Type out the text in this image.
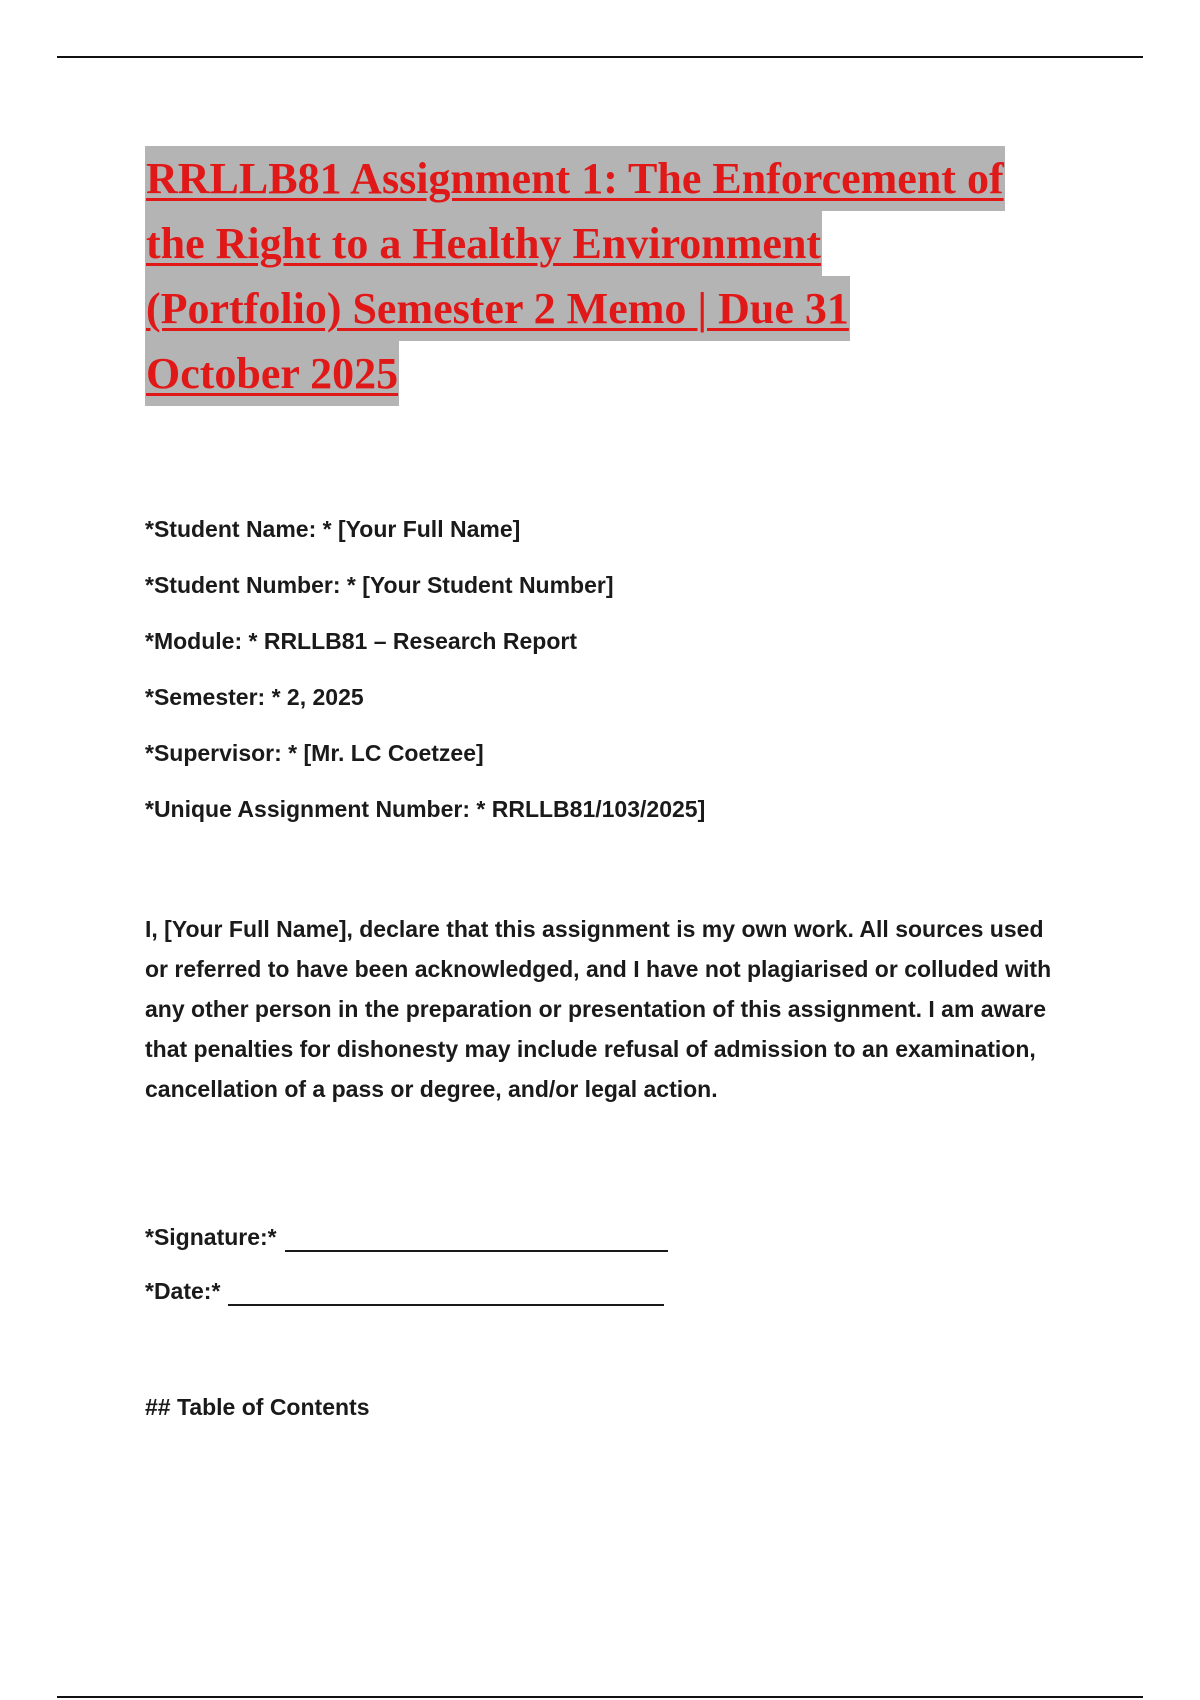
RRLLB81 Assignment 1: The Enforcement of
the Right to a Healthy Environment
(Portfolio) Semester 2 Memo | Due 31
October 2025
*Student Name: * [Your Full Name]
*Student Number: * [Your Student Number]
*Module: * RRLLB81 – Research Report
*Semester: * 2, 2025
*Supervisor: * [Mr. LC Coetzee]
*Unique Assignment Number: * RRLLB81/103/2025]

I, [Your Full Name], declare that this assignment is my own work. All sources used or referred to have been acknowledged, and I have not plagiarised or colluded with any other person in the preparation or presentation of this assignment. I am aware that penalties for dishonesty may include refusal of admission to an examination, cancellation of a pass or degree, and/or legal action.

*Signature:*
*Date:*
## Table of Contents
